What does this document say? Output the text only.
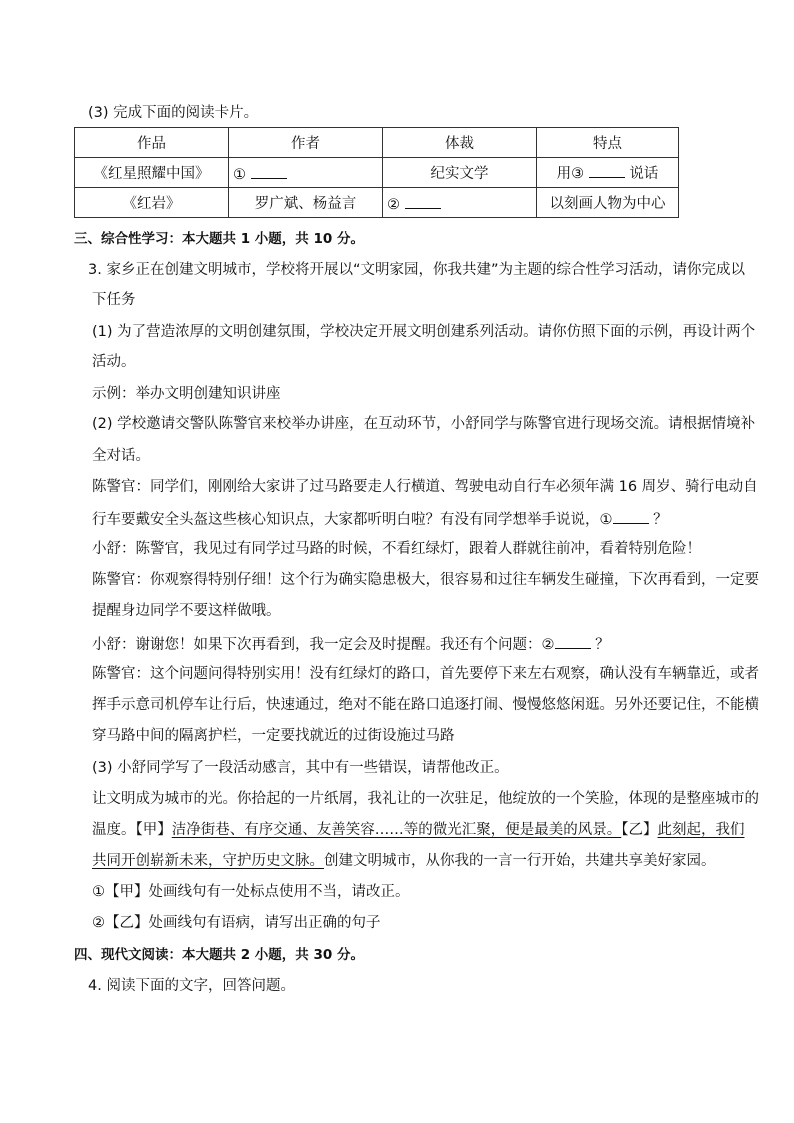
(3) 完成下面的阅读卡片。
作品	作者	体裁	特点
《红星照耀中国》	①	纪实文学	用③ 说话
《红岩》	罗广斌、杨益言	②	以刻画人物为中心
三、综合性学习：本大题共 1 小题，共 10 分。
3. 家乡正在创建文明城市，学校将开展以“文明家园，你我共建”为主题的综合性学习活动，请你完成以
下任务
(1) 为了营造浓厚的文明创建氛围，学校决定开展文明创建系列活动。请你仿照下面的示例，再设计两个
活动。
示例：举办文明创建知识讲座
(2) 学校邀请交警队陈警官来校举办讲座，在互动环节，小舒同学与陈警官进行现场交流。请根据情境补
全对话。
陈警官：同学们，刚刚给大家讲了过马路要走人行横道、驾驶电动自行车必须年满 16 周岁、骑行电动自
行车要戴安全头盔这些核心知识点，大家都听明白啦？有没有同学想举手说说，①	？
小舒：陈警官，我见过有同学过马路的时候，不看红绿灯，跟着人群就往前冲，看着特别危险！
陈警官：你观察得特别仔细！这个行为确实隐患极大，很容易和过往车辆发生碰撞，下次再看到，一定要
提醒身边同学不要这样做哦。
小舒：谢谢您！如果下次再看到，我一定会及时提醒。我还有个问题：②	？
陈警官：这个问题问得特别实用！没有红绿灯的路口，首先要停下来左右观察，确认没有车辆靠近，或者
挥手示意司机停车让行后，快速通过，绝对不能在路口追逐打闹、慢慢悠悠闲逛。另外还要记住，不能横
穿马路中间的隔离护栏，一定要找就近的过街设施过马路
(3) 小舒同学写了一段活动感言，其中有一些错误，请帮他改正。
让文明成为城市的光。你拾起的一片纸屑，我礼让的一次驻足，他绽放的一个笑脸，体现的是整座城市的
温度。【甲】洁净街巷、有序交通、友善笑容……等的微光汇聚，便是最美的风景。【乙】此刻起，我们
共同开创崭新未来，守护历史文脉。创建文明城市，从你我的一言一行开始，共建共享美好家园。
①【甲】处画线句有一处标点使用不当，请改正。
②【乙】处画线句有语病，请写出正确的句子
四、现代文阅读：本大题共 2 小题，共 30 分。
4. 阅读下面的文字，回答问题。
